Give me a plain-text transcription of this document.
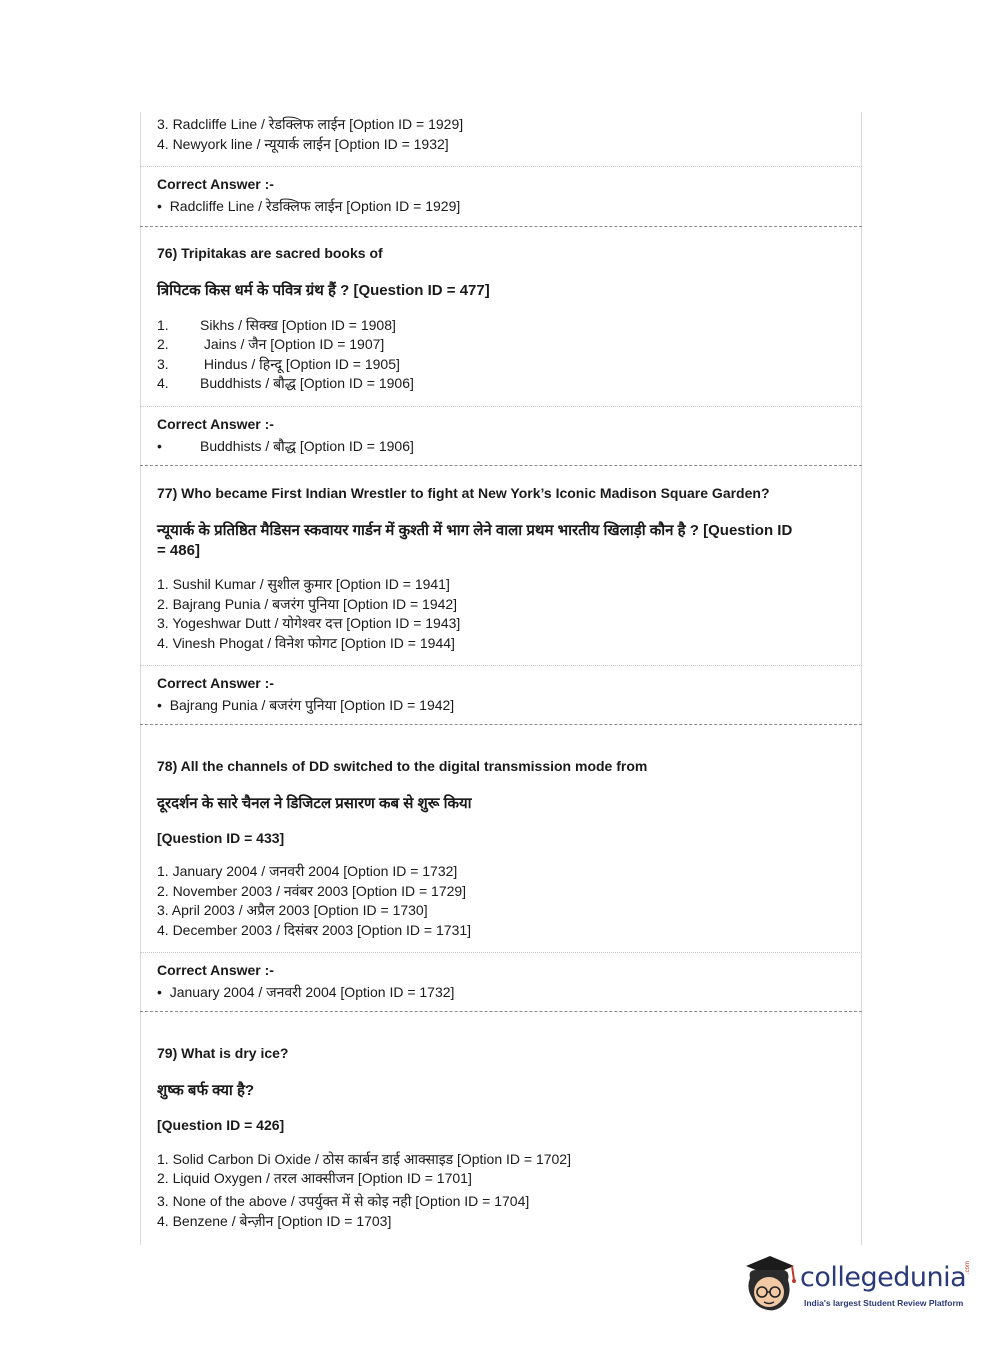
3. Radcliffe Line / रेडक्लिफ लाईन [Option ID = 1929]
4. Newyork line / न्यूयार्क लाईन [Option ID = 1932]
Correct Answer :-
• Radcliffe Line / रेडक्लिफ लाईन [Option ID = 1929]
76) Tripitakas are sacred books of
त्रिपिटक किस धर्म के पवित्र ग्रंथ हैं ? [Question ID = 477]
1. Sikhs / सिक्ख [Option ID = 1908]
2.	Jains / जैन [Option ID = 1907]
3.	Hindus / हिन्दू [Option ID = 1905]
4. Buddhists / बौद्ध [Option ID = 1906]
Correct Answer :-
•	Buddhists / बौद्ध [Option ID = 1906]
77) Who became First Indian Wrestler to fight at New York’s Iconic Madison Square Garden?
न्यूयार्क के प्रतिष्ठित मैडिसन स्कवायर गार्डन में कुश्ती में भाग लेने वाला प्रथम भारतीय खिलाड़ी कौन है ? [Question ID
= 486]
1. Sushil Kumar / सुशील कुमार [Option ID = 1941]
2. Bajrang Punia / बजरंग पुनिया [Option ID = 1942]
3. Yogeshwar Dutt / योगेश्वर दत्त [Option ID = 1943]
4. Vinesh Phogat / विनेश फोगट [Option ID = 1944]
Correct Answer :-
• Bajrang Punia / बजरंग पुनिया [Option ID = 1942]
78) All the channels of DD switched to the digital transmission mode from
दूरदर्शन के सारे चैनल ने डिजिटल प्रसारण कब से शुरू किया
[Question ID = 433]
1. January 2004 / जनवरी 2004 [Option ID = 1732]
2. November 2003 / नवंबर 2003 [Option ID = 1729]
3. April 2003 / अप्रैल 2003 [Option ID = 1730]
4. December 2003 / दिसंबर 2003 [Option ID = 1731]
Correct Answer :-
• January 2004 / जनवरी 2004 [Option ID = 1732]
79) What is dry ice?
शुष्क बर्फ क्या है?
[Question ID = 426]
1. Solid Carbon Di Oxide / ठोस कार्बन डाई आक्साइड [Option ID = 1702]
2. Liquid Oxygen / तरल आक्सीजन [Option ID = 1701]
3. None of the above / उपर्युक्त में से कोइ नही [Option ID = 1704]
4. Benzene / बेन्ज़ीन [Option ID = 1703]
collegedunia
.com
India's largest Student Review Platform
